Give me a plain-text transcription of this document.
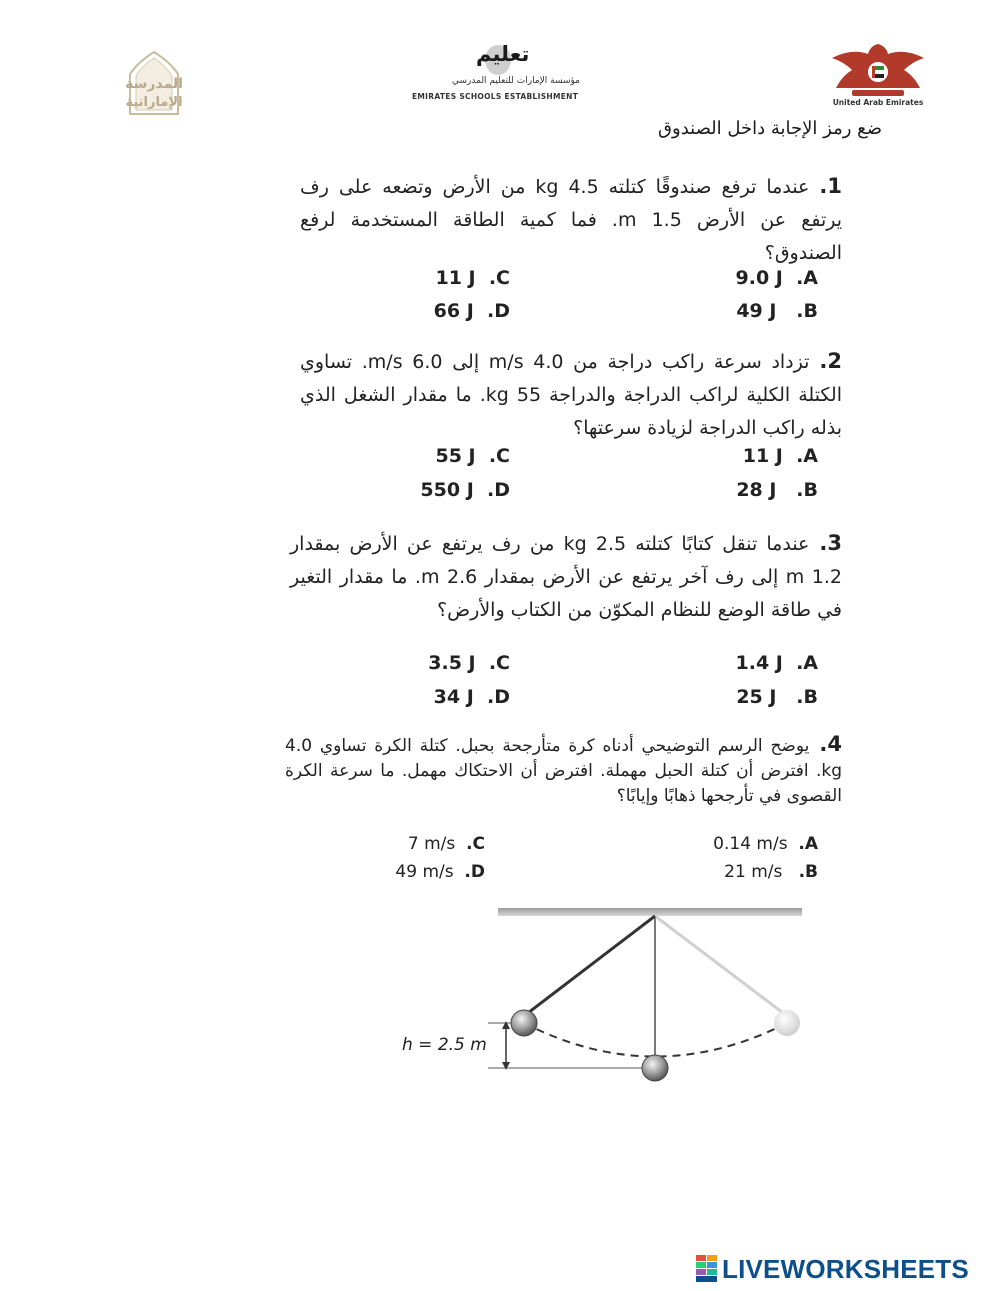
المدرسة
الإماراتية
تعليم
مؤسسة الإمارات للتعليم المدرسي
EMIRATES SCHOOLS ESTABLISHMENT
United Arab Emirates
ضع رمز الإجابة داخل الصندوق
1.عندما ترفع صندوقًا كتلته 4.5 kg من الأرض وتضعه على رف يرتفع عن الأرض 1.5 m. فما كمية الطاقة المستخدمة لرفع الصندوق؟
9.0 J  .A
49 J   .B
11 J  .C
66 J  .D
2.تزداد سرعة راكب دراجة من 4.0 m/s إلى 6.0 m/s. تساوي الكتلة الكلية لراكب الدراجة والدراجة 55 kg. ما مقدار الشغل الذي بذله راكب الدراجة لزيادة سرعتها؟
11 J  .A
28 J   .B
55 J  .C
550 J  .D
3.عندما تنقل كتابًا كتلته 2.5 kg من رف يرتفع عن الأرض بمقدار 1.2 m إلى رف آخر يرتفع عن الأرض بمقدار 2.6 m. ما مقدار التغير في طاقة الوضع للنظام المكوّن من الكتاب والأرض؟
1.4 J  .A
25 J   .B
3.5 J  .C
34 J  .D
4.يوضح الرسم التوضيحي أدناه كرة متأرجحة بحبل. كتلة الكرة تساوي 4.0 kg. افترض أن كتلة الحبل مهملة. افترض أن الاحتكاك مهمل. ما سرعة الكرة القصوى في تأرجحها ذهابًا وإيابًا؟
0.14 m/s .A
21 m/s .B
7 m/s .C
49 m/s .D
h = 2.5 m
LIVEWORKSHEETS
